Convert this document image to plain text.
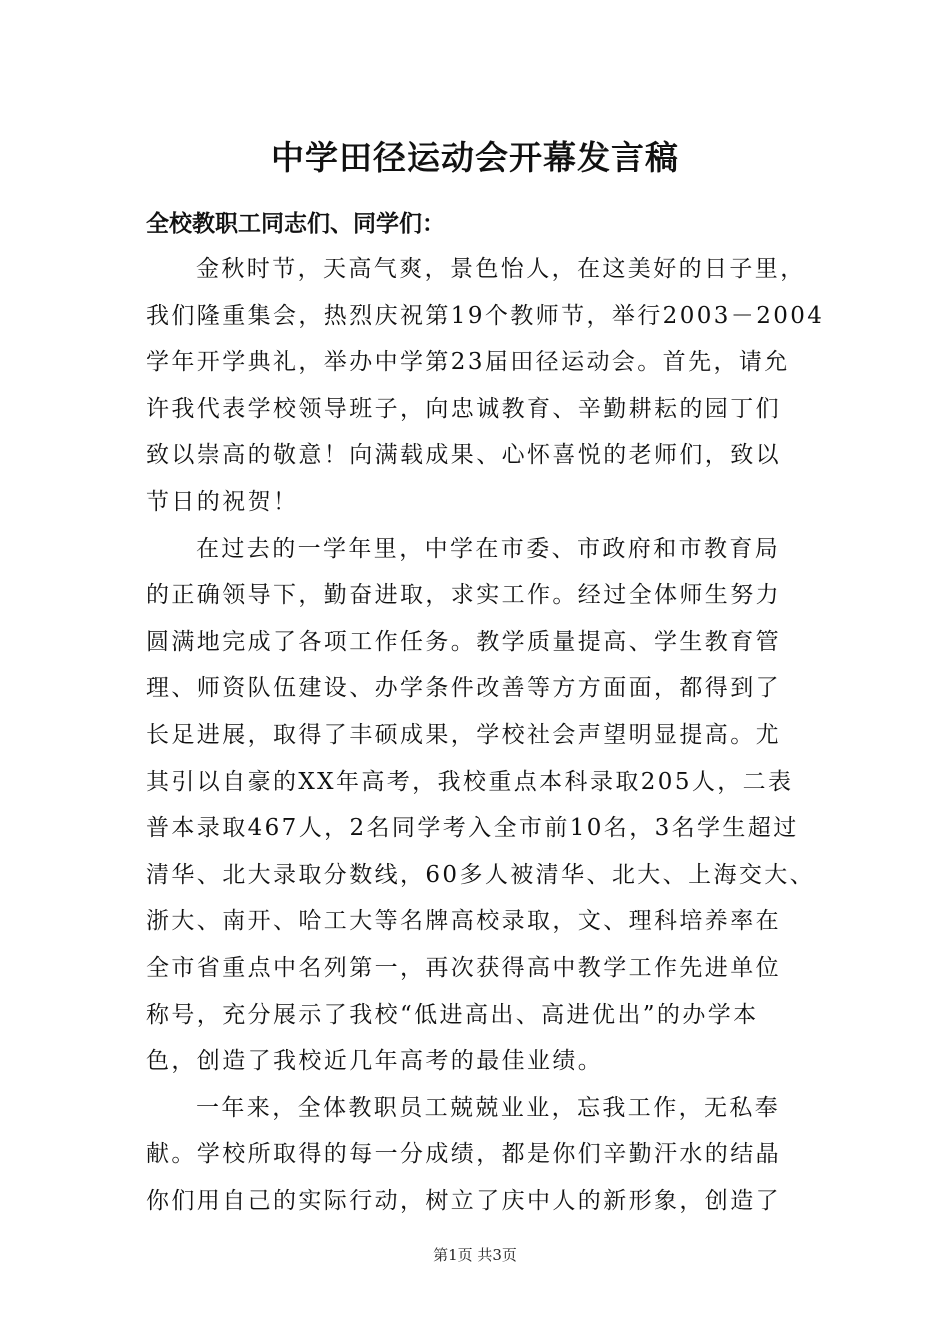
中学田径运动会开幕发言稿
全校教职工同志们、同学们：
金秋时节，天高气爽，景色怡人，在这美好的日子里，
我们隆重集会，热烈庆祝第19个教师节，举行2003－2004
学年开学典礼，举办中学第23届田径运动会。首先，请允
许我代表学校领导班子，向忠诚教育、辛勤耕耘的园丁们
致以崇高的敬意！向满载成果、心怀喜悦的老师们，致以
节日的祝贺！
在过去的一学年里，中学在市委、市政府和市教育局
的正确领导下，勤奋进取，求实工作。经过全体师生努力
圆满地完成了各项工作任务。教学质量提高、学生教育管
理、师资队伍建设、办学条件改善等方方面面，都得到了
长足进展，取得了丰硕成果，学校社会声望明显提高。尤
其引以自豪的XX年高考，我校重点本科录取205人，二表
普本录取467人，2名同学考入全市前10名，3名学生超过
清华、北大录取分数线，60多人被清华、北大、上海交大、
浙大、南开、哈工大等名牌高校录取，文、理科培养率在
全市省重点中名列第一，再次获得高中教学工作先进单位
称号，充分展示了我校“低进高出、高进优出”的办学本
色，创造了我校近几年高考的最佳业绩。
一年来，全体教职员工兢兢业业，忘我工作，无私奉
献。学校所取得的每一分成绩，都是你们辛勤汗水的结晶
你们用自己的实际行动，树立了庆中人的新形象，创造了
第1页 共3页
